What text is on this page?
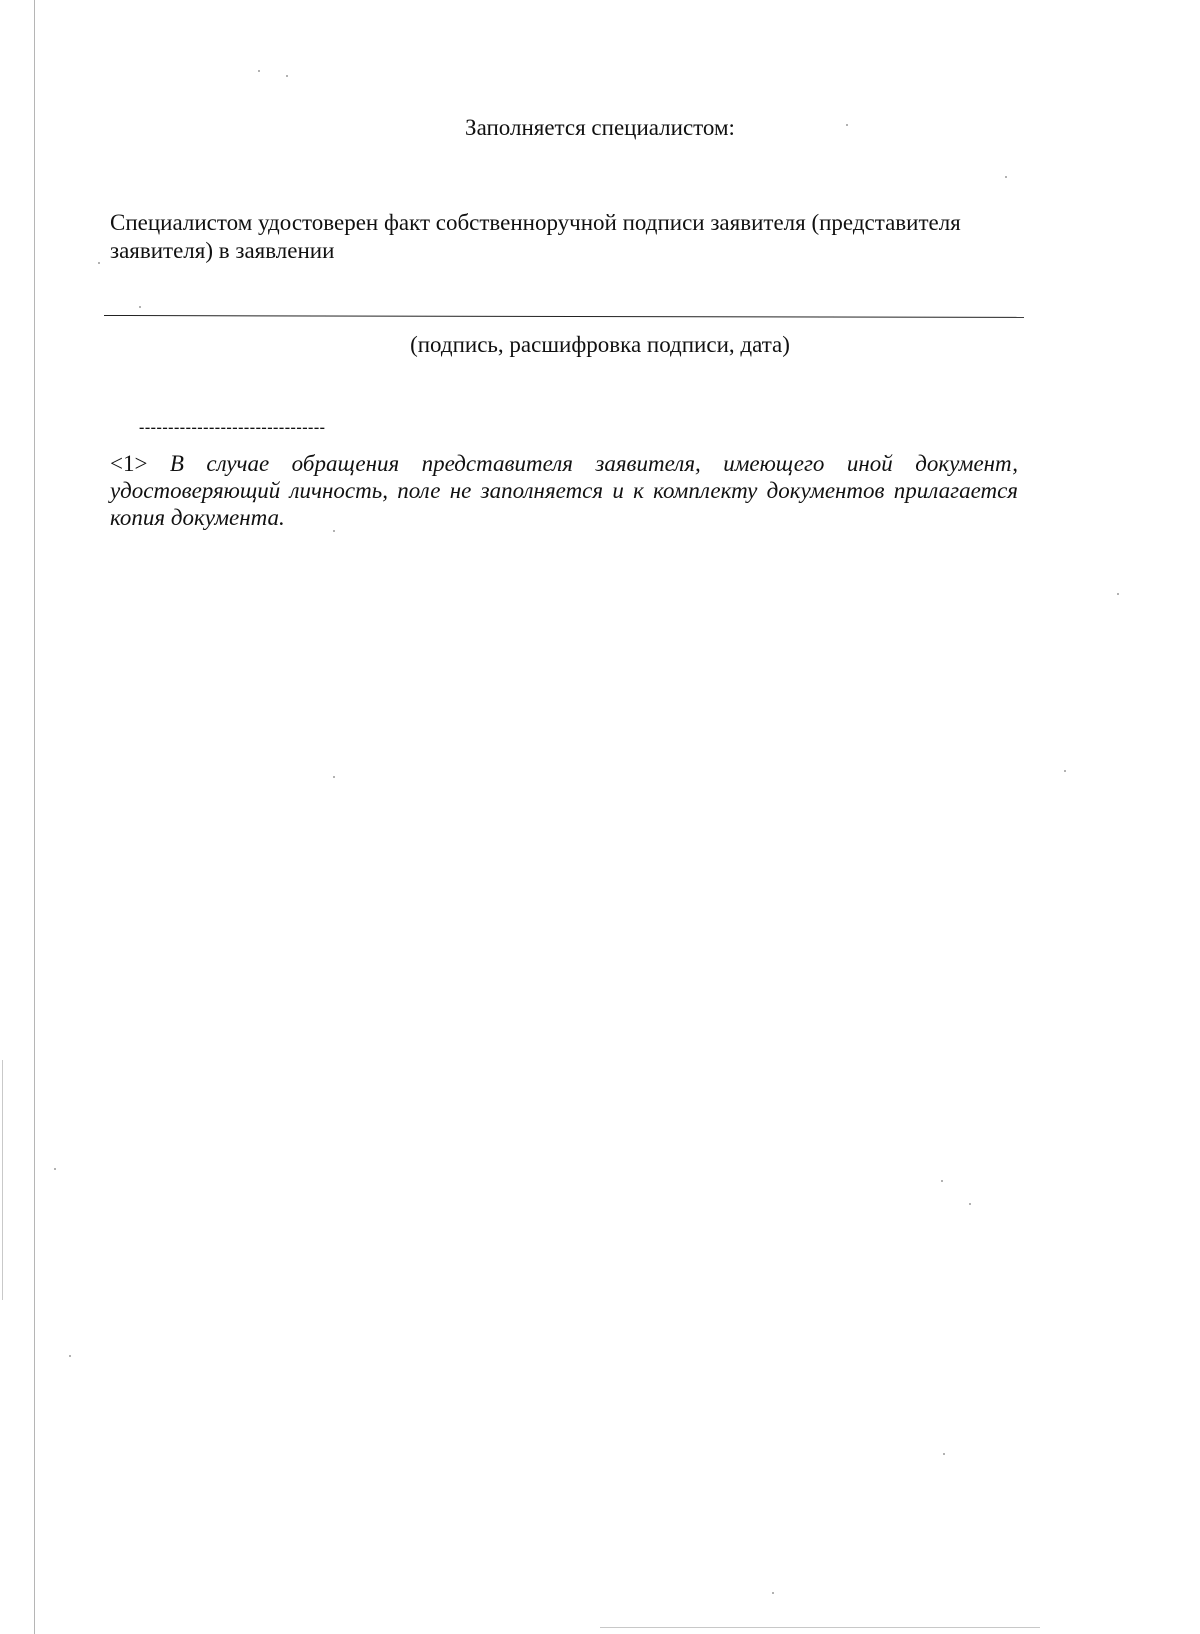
Заполняется специалистом:
Специалистом удостоверен факт собственноручной подписи заявителя (представителя заявителя) в заявлении
(подпись, расшифровка подписи, дата)
--------------------------------
<1> В случае обращения представителя заявителя, имеющего иной документ, удостоверяющий личность, поле не заполняется и к комплекту документов прилагается копия документа.
